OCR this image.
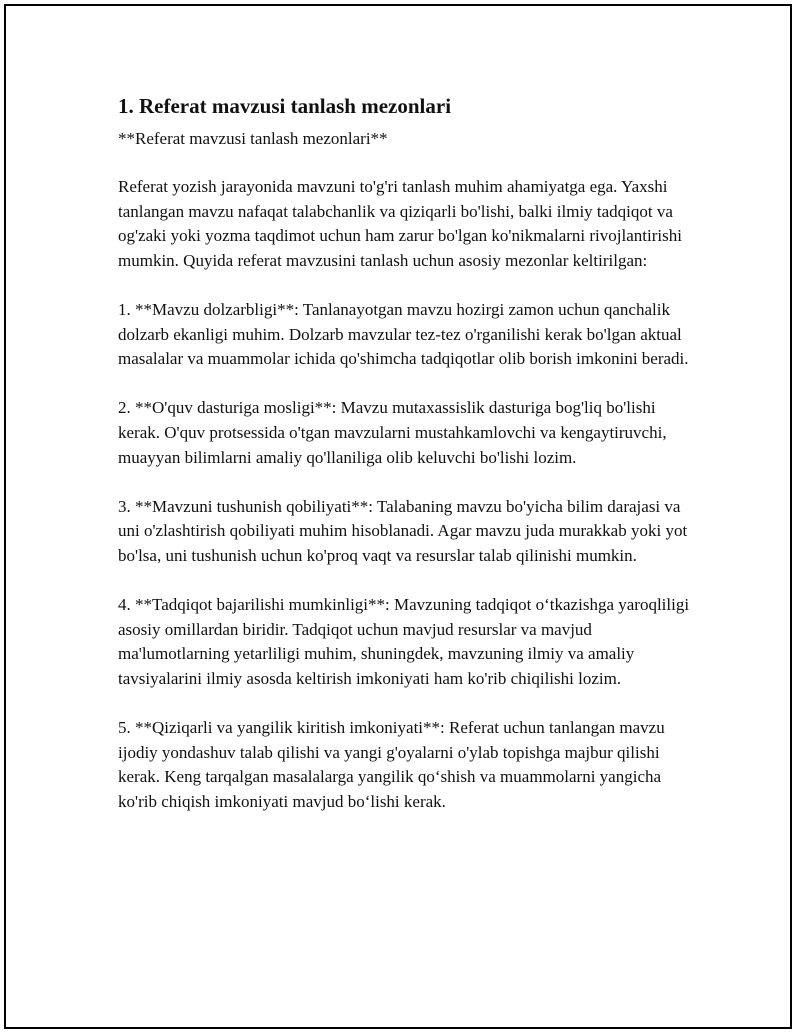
1. Referat mavzusi tanlash mezonlari

**Referat mavzusi tanlash mezonlari**

Referat yozish jarayonida mavzuni to'g'ri tanlash muhim ahamiyatga ega. Yaxshi tanlangan mavzu nafaqat talabchanlik va qiziqarli bo'lishi, balki ilmiy tadqiqot va og'zaki yoki yozma taqdimot uchun ham zarur bo'lgan ko'nikmalarni rivojlantirishi mumkin. Quyida referat mavzusini tanlash uchun asosiy mezonlar keltirilgan:

1. **Mavzu dolzarbligi**: Tanlanayotgan mavzu hozirgi zamon uchun qanchalik dolzarb ekanligi muhim. Dolzarb mavzular tez-tez o'rganilishi kerak bo'lgan aktual masalalar va muammolar ichida qo'shimcha tadqiqotlar olib borish imkonini beradi.

2. **O'quv dasturiga mosligi**: Mavzu mutaxassislik dasturiga bog'liq bo'lishi kerak. O'quv protsessida o'tgan mavzularni mustahkamlovchi va kengaytiruvchi, muayyan bilimlarni amaliy qo'llaniliga olib keluvchi bo'lishi lozim.

3. **Mavzuni tushunish qobiliyati**: Talabaning mavzu bo'yicha bilim darajasi va uni o'zlashtirish qobiliyati muhim hisoblanadi. Agar mavzu juda murakkab yoki yot bo'lsa, uni tushunish uchun ko'proq vaqt va resurslar talab qilinishi mumkin.

4. **Tadqiqot bajarilishi mumkinligi**: Mavzuning tadqiqot o‘tkazishga yaroqliligi asosiy omillardan biridir. Tadqiqot uchun mavjud resurslar va mavjud ma'lumotlarning yetarliligi muhim, shuningdek, mavzuning ilmiy va amaliy tavsiyalarini ilmiy asosda keltirish imkoniyati ham ko'rib chiqilishi lozim.

5. **Qiziqarli va yangilik kiritish imkoniyati**: Referat uchun tanlangan mavzu ijodiy yondashuv talab qilishi va yangi g'oyalarni o'ylab topishga majbur qilishi kerak. Keng tarqalgan masalalarga yangilik qo‘shish va muammolarni yangicha ko'rib chiqish imkoniyati mavjud bo‘lishi kerak.
